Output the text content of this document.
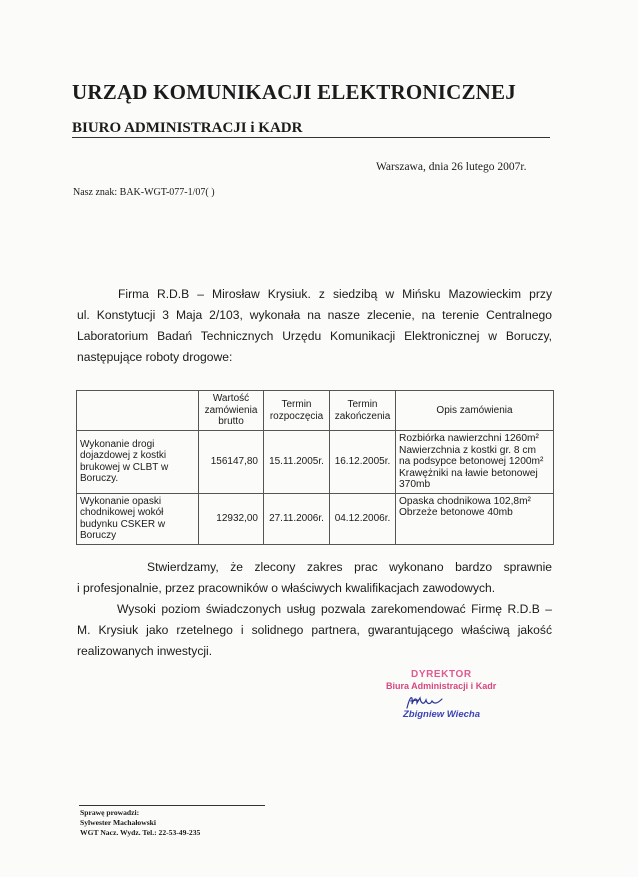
URZĄD KOMUNIKACJI ELEKTRONICZNEJ
BIURO ADMINISTRACJI i KADR
Warszawa, dnia 26 lutego 2007r.
Nasz znak: BAK-WGT-077-1/07( )
Firma R.D.B – Mirosław Krysiuk. z siedzibą w Mińsku Mazowieckim przy
ul. Konstytucji 3 Maja 2/103, wykonała na nasze zlecenie, na terenie Centralnego
Laboratorium Badań Technicznych Urzędu Komunikacji Elektronicznej w Boruczy,
następujące roboty drogowe:
	Wartość zamówienia brutto	Termin rozpoczęcia	Termin zakończenia	Opis zamówienia
Wykonanie drogi dojazdowej z kostki brukowej w CLBT w Boruczy.	156147,80	15.11.2005r.	16.12.2005r.	Rozbiórka nawierzchni 1260m²
Nawierzchnia z kostki gr. 8 cm
na podsypce betonowej 1200m²
Krawężniki na ławie betonowej
370mb

Wykonanie opaski chodnikowej wokół budynku CSKER w Boruczy	12932,00	27.11.2006r.	04.12.2006r.	Opaska chodnikowa 102,8m²
Obrzeże betonowe 40mb
Stwierdzamy, że zlecony zakres prac wykonano bardzo sprawnie
i profesjonalnie, przez pracowników o właściwych kwalifikacjach zawodowych.
Wysoki poziom świadczonych usług pozwala zarekomendować Firmę R.D.B –
M. Krysiuk jako rzetelnego i solidnego partnera, gwarantującego właściwą jakość
realizowanych inwestycji.
DYREKTOR
Biura Administracji i Kadr
Zbigniew Wiecha
Sprawę prowadzi:
Sylwester Machałowski
WGT Nacz. Wydz. Tel.: 22-53-49-235
